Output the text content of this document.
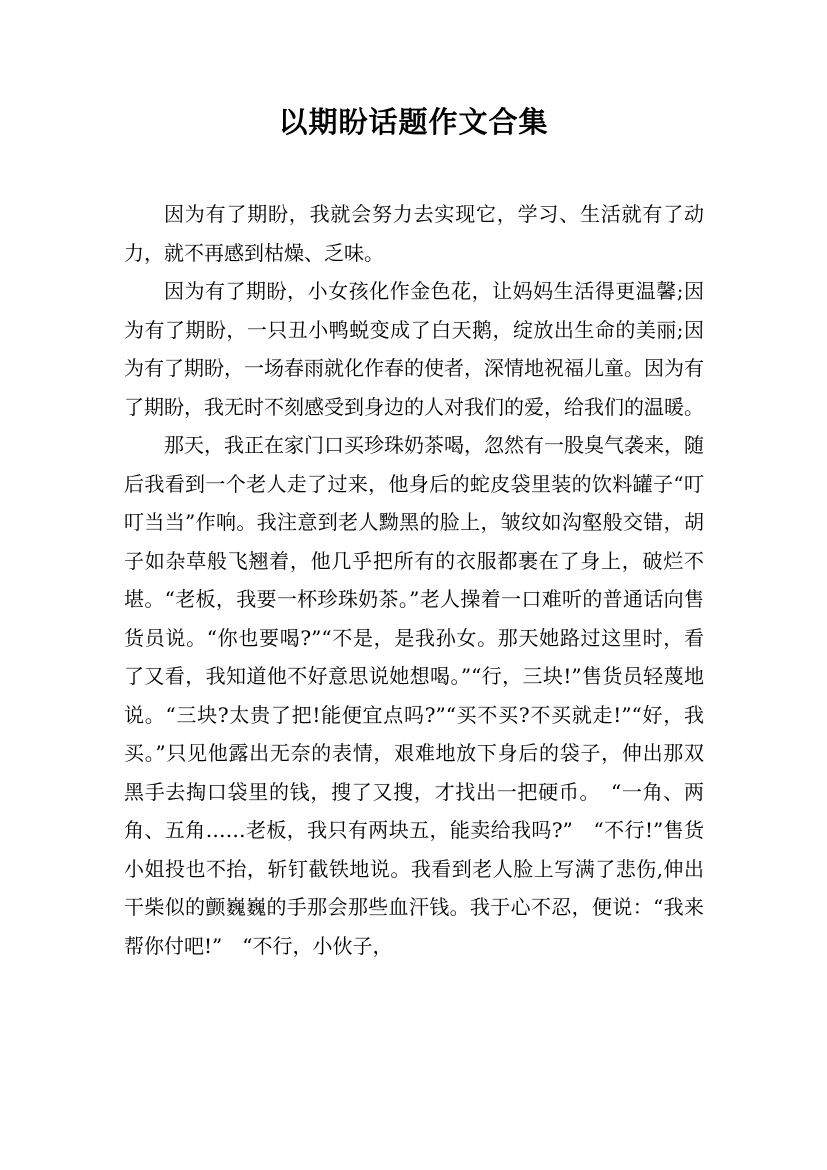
以期盼话题作文合集

因为有了期盼，我就会努力去实现它，学习、生活就有了动力，就不再感到枯燥、乏味。

因为有了期盼，小女孩化作金色花，让妈妈生活得更温馨;因为有了期盼，一只丑小鸭蜕变成了白天鹅，绽放出生命的美丽;因为有了期盼，一场春雨就化作春的使者，深情地祝福儿童。因为有了期盼，我无时不刻感受到身边的人对我们的爱，给我们的温暖。

那天，我正在家门口买珍珠奶茶喝，忽然有一股臭气袭来，随后我看到一个老人走了过来，他身后的蛇皮袋里装的饮料罐子“叮叮当当”作响。我注意到老人黝黑的脸上，皱纹如沟壑般交错，胡子如杂草般飞翘着，他几乎把所有的衣服都裹在了身上，破烂不堪。“老板，我要一杯珍珠奶茶。”老人操着一口难听的普通话向售货员说。“你也要喝?”“不是，是我孙女。那天她路过这里时，看了又看，我知道他不好意思说她想喝。”“行，三块!”售货员轻蔑地说。“三块?太贵了把!能便宜点吗?”“买不买?不买就走!”“好，我买。”只见他露出无奈的表情，艰难地放下身后的袋子，伸出那双黑手去掏口袋里的钱，搜了又搜，才找出一把硬币。　“一角、两角、五角……老板，我只有两块五，能卖给我吗?”　“不行!”售货小姐投也不抬，斩钉截铁地说。我看到老人脸上写满了悲伤,伸出干柴似的颤巍巍的手那会那些血汗钱。我于心不忍，便说：“我来帮你付吧!”　“不行，小伙子，
